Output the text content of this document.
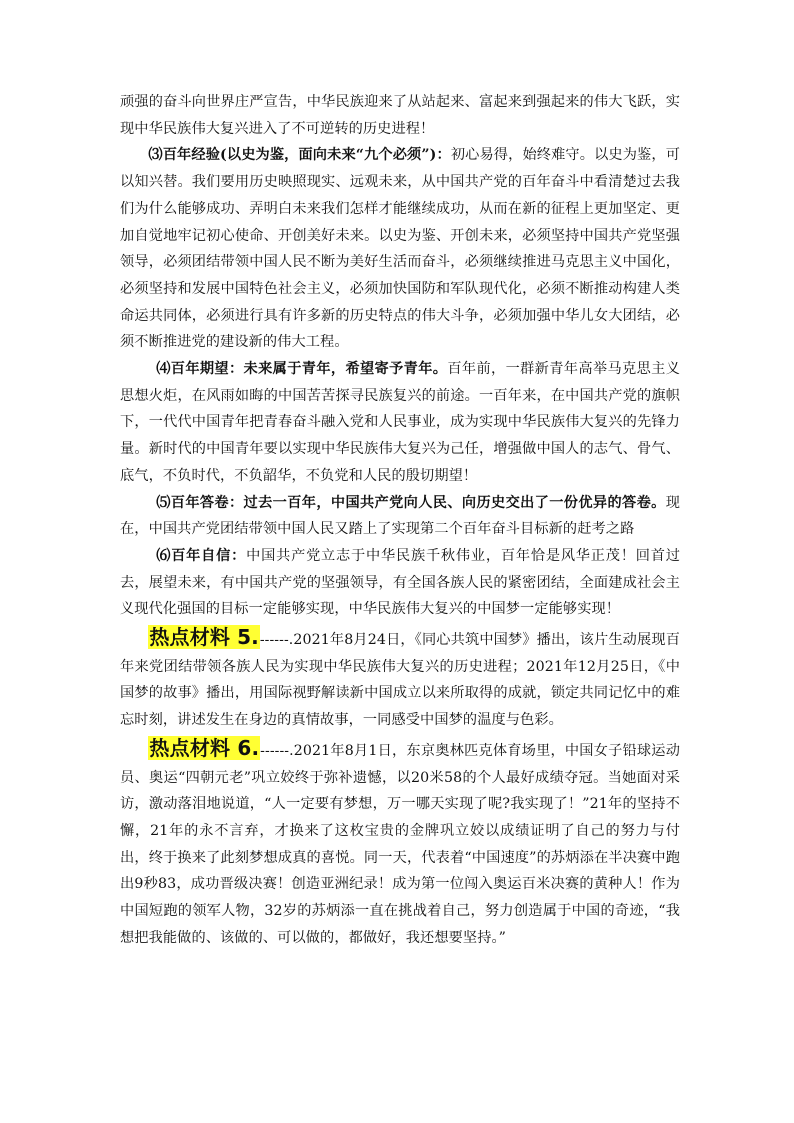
顽强的奋斗向世界庄严宣告，中华民族迎来了从站起来、富起来到强起来的伟大飞跃，实现中华民族伟大复兴进入了不可逆转的历史进程！

⑶百年经验(以史为鉴，面向未来“九个必须”)：初心易得，始终难守。以史为鉴，可以知兴替。我们要用历史映照现实、远观未来，从中国共产党的百年奋斗中看清楚过去我们为什么能够成功、弄明白未来我们怎样才能继续成功，从而在新的征程上更加坚定、更加自觉地牢记初心使命、开创美好未来。以史为鉴、开创未来，必须坚持中国共产党坚强领导，必须团结带领中国人民不断为美好生活而奋斗，必须继续推进马克思主义中国化，必须坚持和发展中国特色社会主义，必须加快国防和军队现代化，必须不断推动构建人类命运共同体，必须进行具有许多新的历史特点的伟大斗争，必须加强中华儿女大团结，必须不断推进党的建设新的伟大工程。

⑷百年期望：未来属于青年，希望寄予青年。百年前，一群新青年高举马克思主义思想火炬，在风雨如晦的中国苦苦探寻民族复兴的前途。一百年来，在中国共产党的旗帜下，一代代中国青年把青春奋斗融入党和人民事业，成为实现中华民族伟大复兴的先锋力量。新时代的中国青年要以实现中华民族伟大复兴为己任，增强做中国人的志气、骨气、底气，不负时代，不负韶华，不负党和人民的殷切期望！

⑸百年答卷：过去一百年，中国共产党向人民、向历史交出了一份优异的答卷。现在，中国共产党团结带领中国人民又踏上了实现第二个百年奋斗目标新的赶考之路

⑹百年自信：中国共产党立志于中华民族千秋伟业，百年恰是风华正茂！回首过去，展望未来，有中国共产党的坚强领导，有全国各族人民的紧密团结，全面建成社会主义现代化强国的目标一定能够实现，中华民族伟大复兴的中国梦一定能够实现！

热点材料 5.------.2021年8月24日，《同心共筑中国梦》播出，该片生动展现百年来党团结带领各族人民为实现中华民族伟大复兴的历史进程；2021年12月25日，《中国梦的故事》播出，用国际视野解读新中国成立以来所取得的成就，锁定共同记忆中的难忘时刻，讲述发生在身边的真情故事，一同感受中国梦的温度与色彩。

热点材料 6.------.2021年8月1日，东京奥林匹克体育场里，中国女子铅球运动员、奥运“四朝元老”巩立姣终于弥补遗憾，以20米58的个人最好成绩夺冠。当她面对采访，激动落泪地说道，“人一定要有梦想，万一哪天实现了呢?我实现了！”21年的坚持不懈，21年的永不言弃，才换来了这枚宝贵的金牌巩立姣以成绩证明了自己的努力与付出，终于换来了此刻梦想成真的喜悦。同一天，代表着“中国速度”的苏炳添在半决赛中跑出9秒83，成功晋级决赛！创造亚洲纪录！成为第一位闯入奥运百米决赛的黄种人！作为中国短跑的领军人物，32岁的苏炳添一直在挑战着自己，努力创造属于中国的奇迹，“我想把我能做的、该做的、可以做的，都做好，我还想要坚持。”
